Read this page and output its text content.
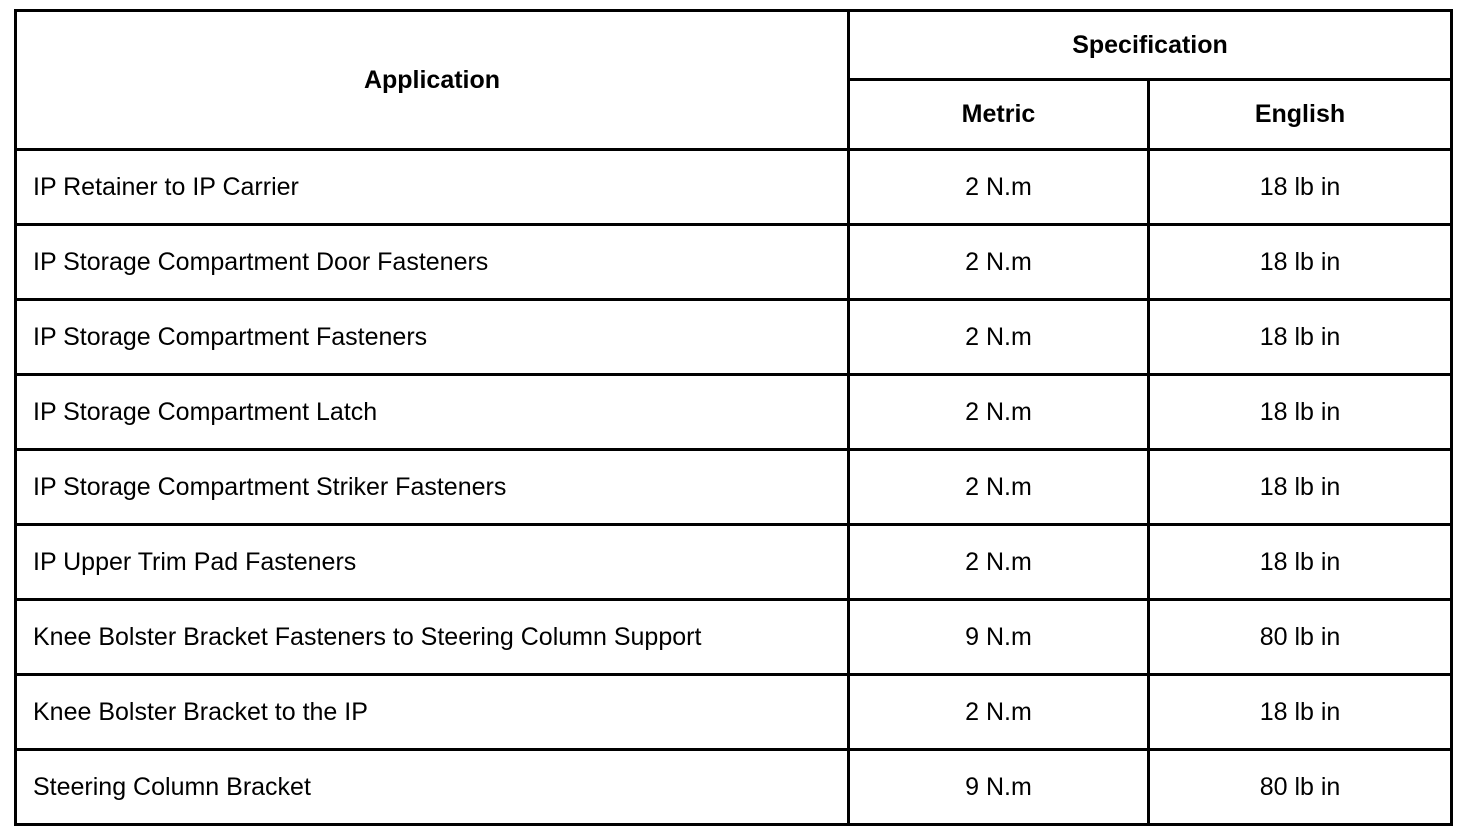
Application	Specification	
	Metric	English
IP Retainer to IP Carrier	2 N.m	18 lb in
IP Storage Compartment Door Fasteners	2 N.m	18 lb in
IP Storage Compartment Fasteners	2 N.m	18 lb in
IP Storage Compartment Latch	2 N.m	18 lb in
IP Storage Compartment Striker Fasteners	2 N.m	18 lb in
IP Upper Trim Pad Fasteners	2 N.m	18 lb in
Knee Bolster Bracket Fasteners to Steering Column Support	9 N.m	80 lb in
Knee Bolster Bracket to the IP	2 N.m	18 lb in
Steering Column Bracket	9 N.m	80 lb in
